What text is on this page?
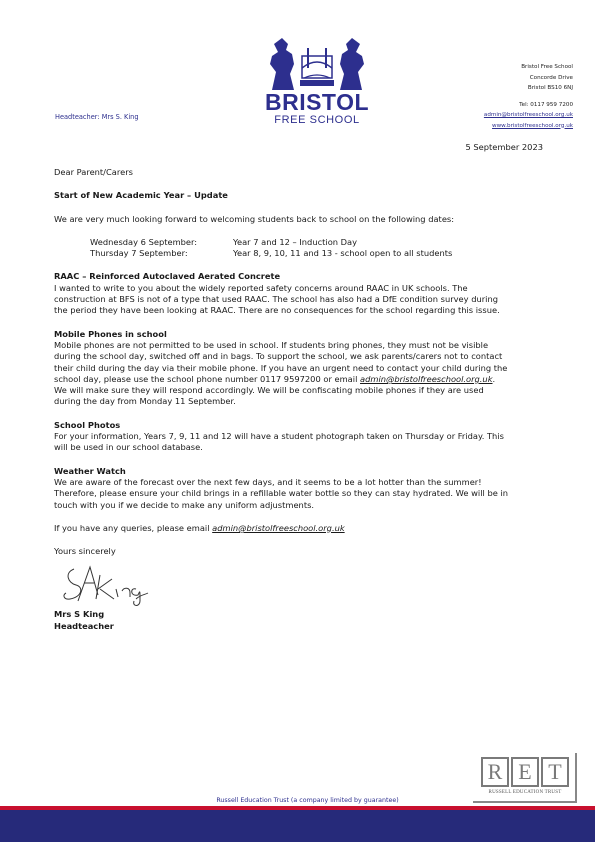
BRISTOL
FREE SCHOOL
Bristol Free School
Concorde Drive
Bristol BS10 6NJ
Tel: 0117 959 7200
admin@bristolfreeschool.org.uk
www.bristolfreeschool.org.uk
Headteacher: Mrs S. King
5 September 2023

Dear Parent/Carers

Start of New Academic Year – Update

We are very much looking forward to welcoming students back to school on the following dates:

Wednesday 6 September:	Year 7 and 12 – Induction Day
Thursday 7 September:	Year 8, 9, 10, 11 and 13 - school open to all students

RAAC – Reinforced Autoclaved Aerated Concrete

I wanted to write to you about the widely reported safety concerns around RAAC in UK schools. The

construction at BFS is not of a type that used RAAC. The school has also had a DfE condition survey during

the period they have been looking at RAAC. There are no consequences for the school regarding this issue.

Mobile Phones in school

Mobile phones are not permitted to be used in school. If students bring phones, they must not be visible

during the school day, switched off and in bags. To support the school, we ask parents/carers not to contact

their child during the day via their mobile phone. If you have an urgent need to contact your child during the

school day, please use the school phone number 0117 9597200 or email admin@bristolfreeschool.org.uk.

We will make sure they will respond accordingly. We will be confiscating mobile phones if they are used

during the day from Monday 11 September.

School Photos

For your information, Years 7, 9, 11 and 12 will have a student photograph taken on Thursday or Friday. This

will be used in our school database.

Weather Watch

We are aware of the forecast over the next few days, and it seems to be a lot hotter than the summer!

Therefore, please ensure your child brings in a refillable water bottle so they can stay hydrated. We will be in

touch with you if we decide to make any uniform adjustments.

If you have any queries, please email admin@bristolfreeschool.org.uk

Yours sincerely

Mrs S King

Headteacher

R E T
RUSSELL EDUCATION TRUST
Russell Education Trust (a company limited by guarantee)
